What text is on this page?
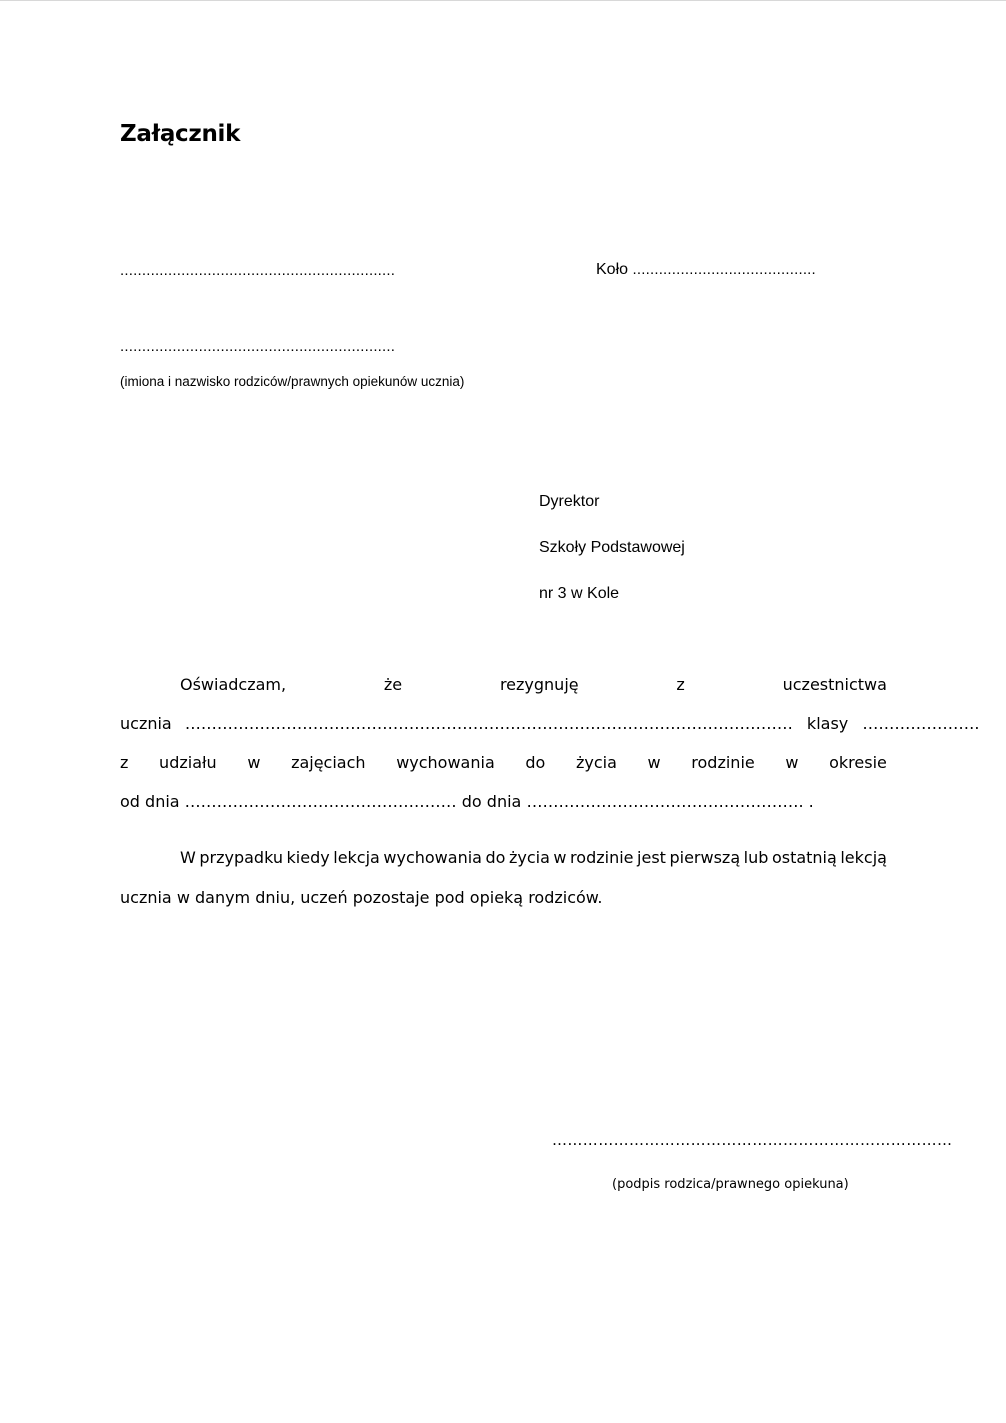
Załącznik
...............................................................	Koło ..........................................
...............................................................
(imiona i nazwisko rodziców/prawnych opiekunów ucznia)
Dyrektor
Szkoły Podstawowej
nr 3 w Kole
Oświadczam,	że	rezygnuję	z	uczestnictwa
ucznia …………………………………………………………………………………………………… klasy ………………….
z udziału w zajęciach wychowania do życia w rodzinie w okresie
od dnia …………………………………………… do dnia ……………………………………………. .
W przypadku kiedy lekcja wychowania do życia w rodzinie jest pierwszą lub ostatnią lekcją
ucznia w danym dniu, uczeń pozostaje pod opieką rodziców.
……………………………………………………………………
(podpis rodzica/prawnego opiekuna)
